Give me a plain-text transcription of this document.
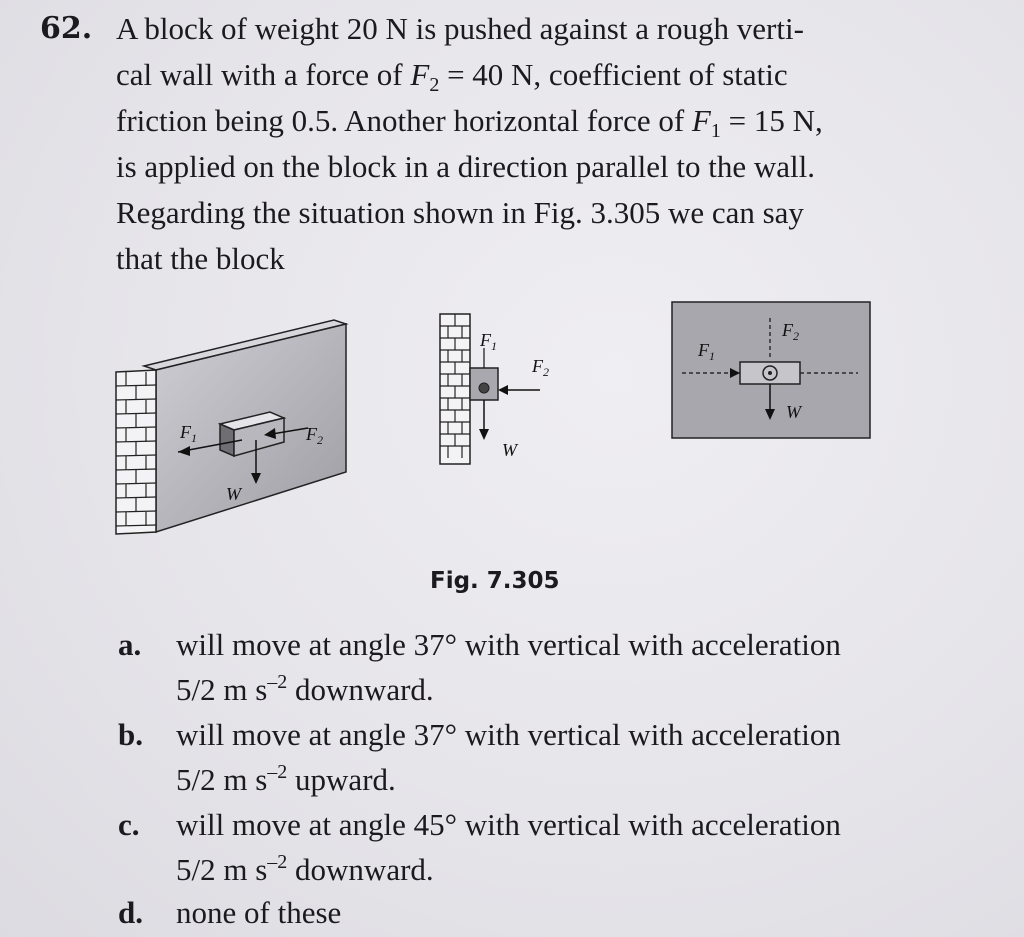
62. A block of weight 20 N is pushed against a rough verti-
cal wall with a force of $F_2 = 40$ N, coefficient of static
friction being 0.5. Another horizontal force of $F_1 = 15$ N,
is applied on the block in a direction parallel to the wall.
Regarding the situation shown in Fig. 3.305 we can say
that the block
$F_1$	$F_2$
W
$F_1$
$F_2$
W
$F_1$
$F_2$
W
Fig. 7.305
a. will move at angle 37° with vertical with acceleration
5/2 m $s^{-2}$ downward.
b. will move at angle 37° with vertical with acceleration
5/2 m $s^{-2}$ upward.
c. will move at angle 45° with vertical with acceleration
5/2 m $s^{-2}$ downward.
d. none of these
